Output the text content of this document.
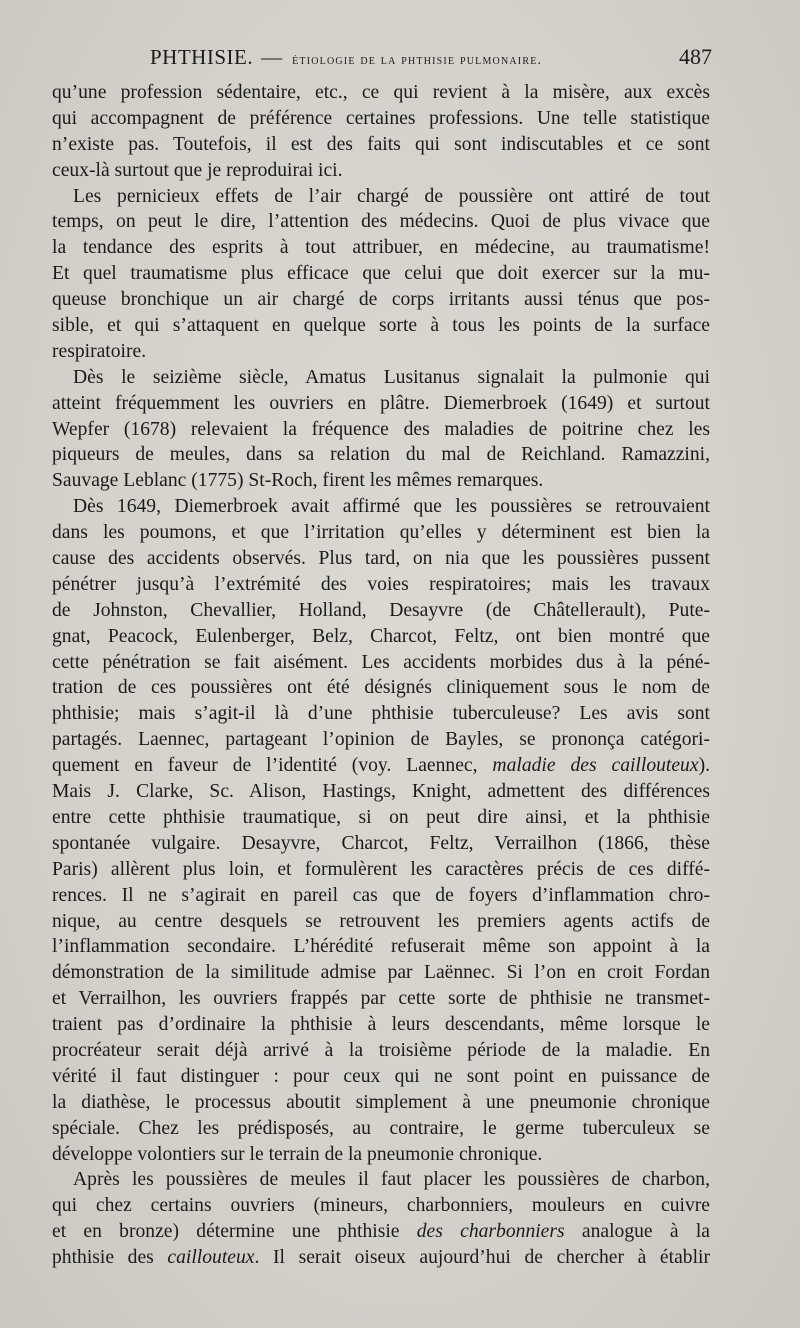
PHTHISIE. — étiologie de la phthisie pulmonaire.	487
qu’une profession sédentaire, etc., ce qui revient à la misère, aux excès
qui accompagnent de préférence certaines professions. Une telle statistique
n’existe pas. Toutefois, il est des faits qui sont indiscutables et ce sont
ceux-là surtout que je reproduirai ici.
Les pernicieux effets de l’air chargé de poussière ont attiré de tout
temps, on peut le dire, l’attention des médecins. Quoi de plus vivace que
la tendance des esprits à tout attribuer, en médecine, au traumatisme!
Et quel traumatisme plus efficace que celui que doit exercer sur la mu-
queuse bronchique un air chargé de corps irritants aussi ténus que pos-
sible, et qui s’attaquent en quelque sorte à tous les points de la surface
respiratoire.
Dès le seizième siècle, Amatus Lusitanus signalait la pulmonie qui
atteint fréquemment les ouvriers en plâtre. Diemerbroek (1649) et surtout
Wepfer (1678) relevaient la fréquence des maladies de poitrine chez les
piqueurs de meules, dans sa relation du mal de Reichland. Ramazzini,
Sauvage Leblanc (1775) St-Roch, firent les mêmes remarques.
Dès 1649, Diemerbroek avait affirmé que les poussières se retrouvaient
dans les poumons, et que l’irritation qu’elles y déterminent est bien la
cause des accidents observés. Plus tard, on nia que les poussières pussent
pénétrer jusqu’à l’extrémité des voies respiratoires; mais les travaux
de Johnston, Chevallier, Holland, Desayvre (de Châtellerault), Pute-
gnat, Peacock, Eulenberger, Belz, Charcot, Feltz, ont bien montré que
cette pénétration se fait aisément. Les accidents morbides dus à la péné-
tration de ces poussières ont été désignés cliniquement sous le nom de
phthisie; mais s’agit-il là d’une phthisie tuberculeuse? Les avis sont
partagés. Laennec, partageant l’opinion de Bayles, se prononça catégori-
quement en faveur de l’identité (voy. Laennec, maladie des caillouteux).
Mais J. Clarke, Sc. Alison, Hastings, Knight, admettent des différences
entre cette phthisie traumatique, si on peut dire ainsi, et la phthisie
spontanée vulgaire. Desayvre, Charcot, Feltz, Verrailhon (1866, thèse
Paris) allèrent plus loin, et formulèrent les caractères précis de ces diffé-
rences. Il ne s’agirait en pareil cas que de foyers d’inflammation chro-
nique, au centre desquels se retrouvent les premiers agents actifs de
l’inflammation secondaire. L’hérédité refuserait même son appoint à la
démonstration de la similitude admise par Laënnec. Si l’on en croit Fordan
et Verrailhon, les ouvriers frappés par cette sorte de phthisie ne transmet-
traient pas d’ordinaire la phthisie à leurs descendants, même lorsque le
procréateur serait déjà arrivé à la troisième période de la maladie. En
vérité il faut distinguer : pour ceux qui ne sont point en puissance de
la diathèse, le processus aboutit simplement à une pneumonie chronique
spéciale. Chez les prédisposés, au contraire, le germe tuberculeux se
développe volontiers sur le terrain de la pneumonie chronique.
Après les poussières de meules il faut placer les poussières de charbon,
qui chez certains ouvriers (mineurs, charbonniers, mouleurs en cuivre
et en bronze) détermine une phthisie des charbonniers analogue à la
phthisie des caillouteux. Il serait oiseux aujourd’hui de chercher à établir
